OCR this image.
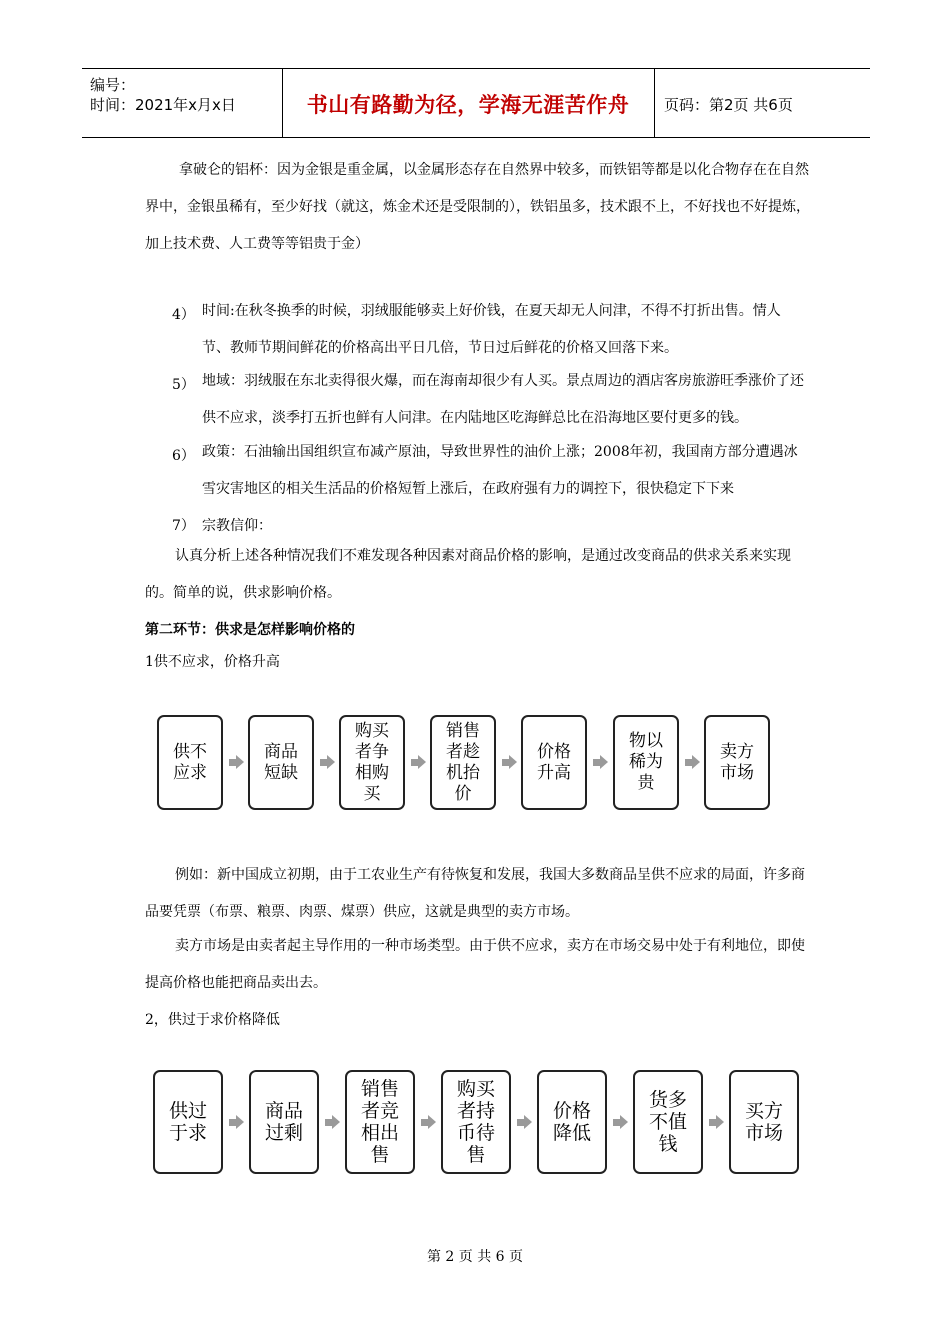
编号：
时间：2021年x月x日	书山有路勤为径，学海无涯苦作舟	页码：第2页 共6页
拿破仑的铝杯：因为金银是重金属，以金属形态存在自然界中较多，而铁铝等都是以化合物存在在自然界中，金银虽稀有，至少好找（就这，炼金术还是受限制的），铁铝虽多，技术跟不上，不好找也不好提炼，加上技术费、人工费等等铝贵于金）
4） 时间:在秋冬换季的时候，羽绒服能够卖上好价钱，在夏天却无人问津，不得不打折出售。情人节、教师节期间鲜花的价格高出平日几倍，节日过后鲜花的价格又回落下来。
5） 地域：羽绒服在东北卖得很火爆，而在海南却很少有人买。景点周边的酒店客房旅游旺季涨价了还供不应求，淡季打五折也鲜有人问津。在内陆地区吃海鲜总比在沿海地区要付更多的钱。
6） 政策：石油输出国组织宣布减产原油，导致世界性的油价上涨；2008年初，我国南方部分遭遇冰雪灾害地区的相关生活品的价格短暂上涨后，在政府强有力的调控下，很快稳定下下来
7） 宗教信仰：
认真分析上述各种情况我们不难发现各种因素对商品价格的影响，是通过改变商品的供求关系来实现的。简单的说，供求影响价格。
第二环节：供求是怎样影响价格的
1供不应求，价格升高
供不应求
商品短缺
购买者争相购买
销售者趁机抬价
价格升高
物以稀为贵
卖方市场
例如：新中国成立初期，由于工农业生产有待恢复和发展，我国大多数商品呈供不应求的局面，许多商品要凭票（布票、粮票、肉票、煤票）供应，这就是典型的卖方市场。
卖方市场是由卖者起主导作用的一种市场类型。由于供不应求，卖方在市场交易中处于有利地位，即使提高价格也能把商品卖出去。
2，供过于求价格降低
供过于求
商品过剩
销售者竞相出售
购买者持币待售
价格降低
货多不值钱
买方市场
第 2 页 共 6 页
